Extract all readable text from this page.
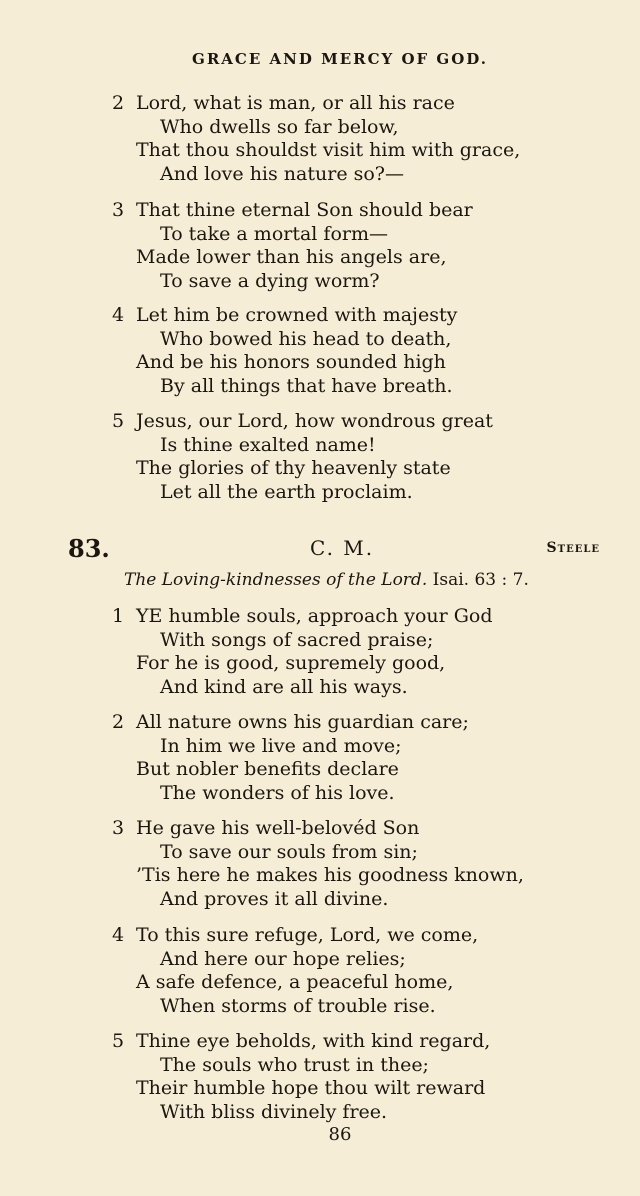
GRACE AND MERCY OF GOD.
2 Lord, what is man, or all his race
Who dwells so far below,
That thou shouldst visit him with grace,
And love his nature so?—
3 That thine eternal Son should bear
To take a mortal form—
Made lower than his angels are,
To save a dying worm?
4 Let him be crowned with majesty
Who bowed his head to death,
And be his honors sounded high
By all things that have breath.
5 Jesus, our Lord, how wondrous great
Is thine exalted name!
The glories of thy heavenly state
Let all the earth proclaim.
83.	C. M.	Steele
The Loving-kindnesses of the Lord. Isai. 63 : 7.
1 YE humble souls, approach your God
With songs of sacred praise;
For he is good, supremely good,
And kind are all his ways.
2 All nature owns his guardian care;
In him we live and move;
But nobler benefits declare
The wonders of his love.
3 He gave his well-belovéd Son
To save our souls from sin;
’Tis here he makes his goodness known,
And proves it all divine.
4 To this sure refuge, Lord, we come,
And here our hope relies;
A safe defence, a peaceful home,
When storms of trouble rise.
5 Thine eye beholds, with kind regard,
The souls who trust in thee;
Their humble hope thou wilt reward
With bliss divinely free.
86
